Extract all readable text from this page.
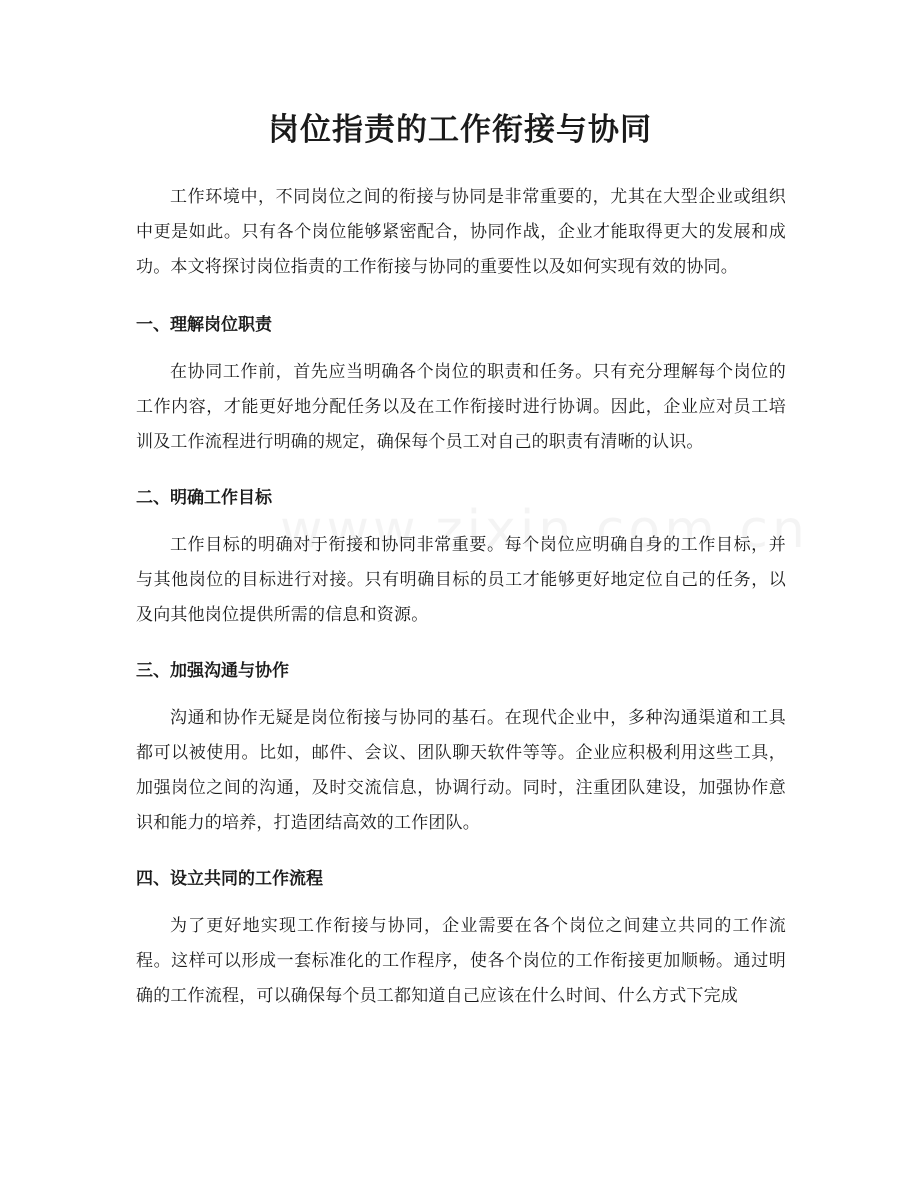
岗位指责的工作衔接与协同

工作环境中，不同岗位之间的衔接与协同是非常重要的，尤其在大型企业或组织中更是如此。只有各个岗位能够紧密配合，协同作战，企业才能取得更大的发展和成功。本文将探讨岗位指责的工作衔接与协同的重要性以及如何实现有效的协同。

一、理解岗位职责

在协同工作前，首先应当明确各个岗位的职责和任务。只有充分理解每个岗位的工作内容，才能更好地分配任务以及在工作衔接时进行协调。因此，企业应对员工培训及工作流程进行明确的规定，确保每个员工对自己的职责有清晰的认识。

二、明确工作目标

工作目标的明确对于衔接和协同非常重要。每个岗位应明确自身的工作目标，并与其他岗位的目标进行对接。只有明确目标的员工才能够更好地定位自己的任务，以及向其他岗位提供所需的信息和资源。

三、加强沟通与协作

沟通和协作无疑是岗位衔接与协同的基石。在现代企业中，多种沟通渠道和工具都可以被使用。比如，邮件、会议、团队聊天软件等等。企业应积极利用这些工具，加强岗位之间的沟通，及时交流信息，协调行动。同时，注重团队建设，加强协作意识和能力的培养，打造团结高效的工作团队。

四、设立共同的工作流程

为了更好地实现工作衔接与协同，企业需要在各个岗位之间建立共同的工作流程。这样可以形成一套标准化的工作程序，使各个岗位的工作衔接更加顺畅。通过明确的工作流程，可以确保每个员工都知道自己应该在什么时间、什么方式下完成
